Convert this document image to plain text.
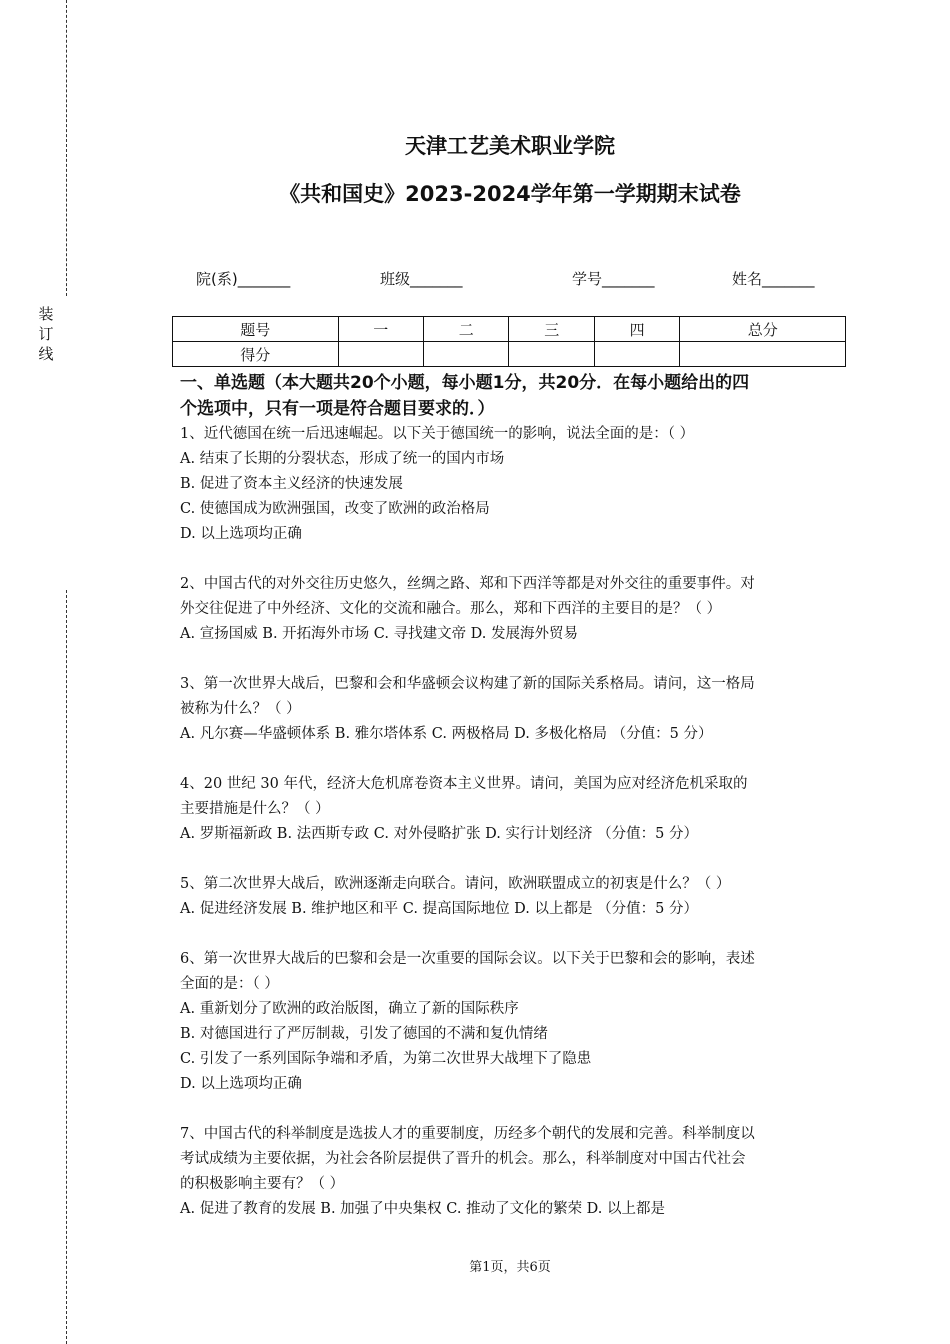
装
订
线
天津工艺美术职业学院
《共和国史》2023-2024学年第一学期期末试卷
院(系)_______	班级_______	学号_______	姓名_______
题号	一	二	三	四	总分
得分					

一、单选题（本大题共20个小题，每小题1分，共20分．在每小题给出的四

个选项中，只有一项是符合题目要求的．）

1、近代德国在统一后迅速崛起。以下关于德国统一的影响，说法全面的是：（ ）

A. 结束了长期的分裂状态，形成了统一的国内市场

B. 促进了资本主义经济的快速发展

C. 使德国成为欧洲强国，改变了欧洲的政治格局

D. 以上选项均正确

2、中国古代的对外交往历史悠久，丝绸之路、郑和下西洋等都是对外交往的重要事件。对

外交往促进了中外经济、文化的交流和融合。那么，郑和下西洋的主要目的是？（ ）

A. 宣扬国威 B. 开拓海外市场 C. 寻找建文帝 D. 发展海外贸易

3、第一次世界大战后，巴黎和会和华盛顿会议构建了新的国际关系格局。请问，这一格局

被称为什么？（ ）

A. 凡尔赛—华盛顿体系 B. 雅尔塔体系 C. 两极格局 D. 多极化格局 （分值：5 分）

4、20 世纪 30 年代，经济大危机席卷资本主义世界。请问，美国为应对经济危机采取的

主要措施是什么？（ ）

A. 罗斯福新政 B. 法西斯专政 C. 对外侵略扩张 D. 实行计划经济 （分值：5 分）

5、第二次世界大战后，欧洲逐渐走向联合。请问，欧洲联盟成立的初衷是什么？（ ）

A. 促进经济发展 B. 维护地区和平 C. 提高国际地位 D. 以上都是 （分值：5 分）

6、第一次世界大战后的巴黎和会是一次重要的国际会议。以下关于巴黎和会的影响，表述

全面的是：（ ）

A. 重新划分了欧洲的政治版图，确立了新的国际秩序

B. 对德国进行了严厉制裁，引发了德国的不满和复仇情绪

C. 引发了一系列国际争端和矛盾，为第二次世界大战埋下了隐患

D. 以上选项均正确

7、中国古代的科举制度是选拔人才的重要制度，历经多个朝代的发展和完善。科举制度以

考试成绩为主要依据，为社会各阶层提供了晋升的机会。那么，科举制度对中国古代社会

的积极影响主要有？（ ）

A. 促进了教育的发展 B. 加强了中央集权 C. 推动了文化的繁荣 D. 以上都是

第1页，共6页
